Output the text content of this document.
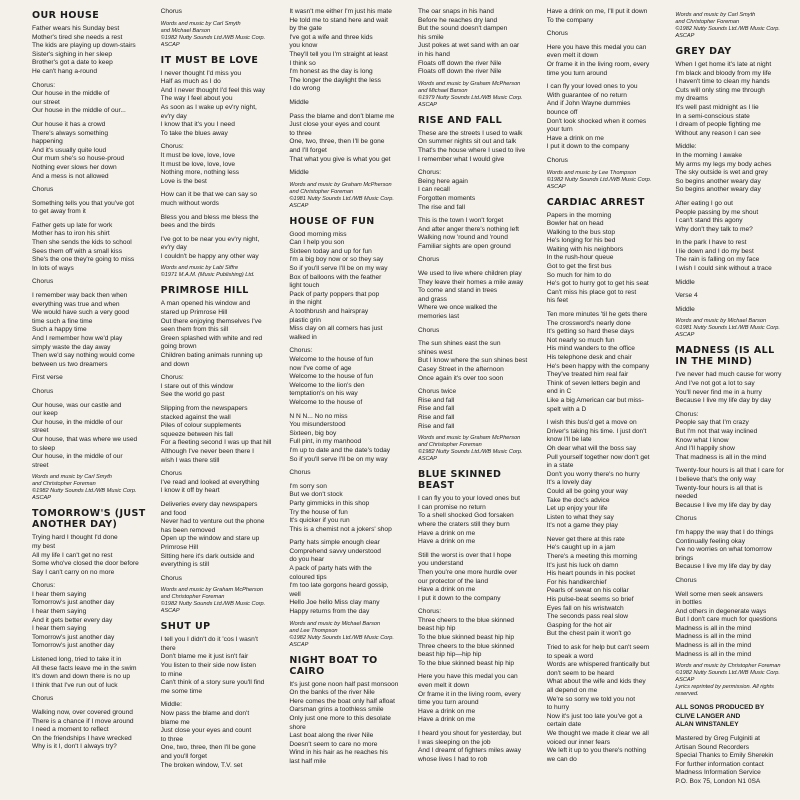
OUR HOUSE
Father wears his Sunday best
Mother's tired she needs a rest
The kids are playing up down-stairs
Sister's sighing in her sleep
Brother's got a date to keep
He can't hang a-round
Chorus:
Our house in the middle of
our street
Our house in the middle of our...
Our house it has a crowd
There's always something
happening
And it's usually quite loud
Our mum she's so house-proud
Nothing ever slows her down
And a mess is not allowed
Chorus
Something tells you that you've got
to get away from it
Father gets up late for work
Mother has to iron his shirt
Then she sends the kids to school
Sees them off with a small kiss
She's the one they're going to miss
In lots of ways
Chorus
I remember way back then when
everything was true and when
We would have such a very good
time such a fine time
Such a happy time
And I remember how we'd play
simply waste the day away
Then we'd say nothing would come
between us two dreamers
First verse
Chorus
Our house, was our castle and
our keep
Our house, in the middle of our
street
Our house, that was where we used
to sleep
Our house, in the middle of our
street
Words and music by Carl Smyth
and Christopher Foreman
©1982 Nutty Sounds Ltd./WB Music Corp.
ASCAP
TOMORROW'S (JUST ANOTHER DAY)
Trying hard I thought I'd done
my best
All my life I can't get no rest
Some who've closed the door before
Say I can't carry on no more
Chorus:
I hear them saying
Tomorrow's just another day
I hear them saying
And it gets better every day
I hear them saying
Tomorrow's just another day
Tomorrow's just another day
Listened long, tried to take it in
All these facts leave me in the swim
It's down and down there is no up
I think that I've run out of luck
Chorus
Walking now, over covered ground
There is a chance if I move around
I need a moment to reflect
On the friendships I have wrecked
Why is it I, don't I always try?
Chorus
Words and music by Carl Smyth
and Michael Barson
©1982 Nutty Sounds Ltd./WB Music Corp.
ASCAP
IT MUST BE LOVE
I never thought I'd miss you
Half as much as I do
And I never thought I'd feel this way
The way I feel about you
As soon as I wake up ev'ry night,
ev'ry day
I know that it's you I need
To take the blues away
Chorus:
It must be love, love, love
It must be love, love, love
Nothing more, nothing less
Love is the best
How can it be that we can say so
much without words
Bless you and bless me bless the
bees and the birds
I've got to be near you ev'ry night,
ev'ry day
I couldn't be happy any other way
Words and music by Labi Siffre
©1971 M.A.M. (Music Publishing) Ltd.
PRIMROSE HILL
A man opened his window and
stared up Primrose Hill
Out there enjoying themselves I've
seen them from this sill
Green splashed with white and red
going brown
Children bating animals running up
and down
Chorus:
I stare out of this window
See the world go past
Slipping from the newspapers
stacked against the wall
Piles of colour supplements
squeeze between his fall
For a fleeting second I was up that hill
Although I've never been there I
wish I was there still
Chorus
I've read and looked at everything
I know it off by heart
Deliveries every day newspapers
and food
Never had to venture out the phone
has been removed
Open up the window and stare up
Primrose Hill
Sitting here it's dark outside and
everything is still
Chorus
Words and music by Graham McPherson
and Christopher Foreman
©1982 Nutty Sounds Ltd./WB Music Corp.
ASCAP
SHUT UP
I tell you I didn't do it 'cos I wasn't
there
Don't blame me it just isn't fair
You listen to their side now listen
to mine
Can't think of a story sure you'll find
me some time
Middle:
Now pass the blame and don't
blame me
Just close your eyes and count
to three
One, two, three, then I'll be gone
and you'll forget
The broken window, T.V. set
It wasn't me either I'm just his mate
He told me to stand here and wait
by the gate
I've got a wife and three kids
you know
They'll tell you I'm straight at least
I think so
I'm honest as the day is long
The longer the daylight the less
I do wrong
Middle
Pass the blame and don't blame me
Just close your eyes and count
to three
One, two, three, then I'll be gone
and I'll forget
That what you give is what you get
Middle
Words and music by Graham McPherson
and Christopher Foreman
©1981 Nutty Sounds Ltd./WB Music Corp.
ASCAP
HOUSE OF FUN
Good morning miss
Can I help you son
Sixteen today and up for fun
I'm a big boy now or so they say
So if you'll serve I'll be on my way
Box of balloons with the feather
light touch
Pack of party poppers that pop
in the night
A toothbrush and hairspray
plastic grin
Miss clay on all corners has just
walked in
Chorus:
Welcome to the house of fun
now I've come of age
Welcome to the house of fun
Welcome to the lion's den
temptation's on his way
Welcome to the house of
N N N... No no miss
You misunderstood
Sixteen, big boy
Full pint, in my manhood
I'm up to date and the date's today
So if you'll serve I'll be on my way
Chorus
I'm sorry son
But we don't stock
Party gimmicks in this shop
Try the house of fun
It's quicker if you run
This is a chemist not a jokers' shop
Party hats simple enough clear
Comprehend savvy understood
do you hear
A pack of party hats with the
coloured tips
I'm too late gorgons heard gossip,
well
Hello Joe hello Miss clay many
Happy returns from the day
Words and music by Michael Barson
and Lee Thompson
©1982 Nutty Sounds Ltd./WB Music Corp.
ASCAP
NIGHT BOAT TO CAIRO
It's just gone noon half past monsoon
On the banks of the river Nile
Here comes the boat only half afloat
Oarsman grins a toothless smile
Only just one more to this desolate
shore
Last boat along the river Nile
Doesn't seem to care no more
Wind in his hair as he reaches his
last half mile
The oar snaps in his hand
Before he reaches dry land
But the sound doesn't dampen
his smile
Just pokes at wet sand with an oar
in his hand
Floats off down the river Nile
Floats off down the river Nile
Words and music by Graham McPherson
and Michael Barson
©1979 Nutty Sounds Ltd./WB Music Corp.
ASCAP
RISE AND FALL
These are the streets I used to walk
On summer nights sit out and talk
That's the house where I used to live
I remember what I would give
Chorus:
Being here again
I can recall
Forgotten moments
The rise and fall
This is the town I won't forget
And after anger there's nothing left
Walking now 'round and 'round
Familiar sights are open ground
Chorus
We used to live where children play
They leave their homes a mile away
To come and stand in trees
and grass
Where we once walked the
memories last
Chorus
The sun shines east the sun
shines west
But I know where the sun shines best
Casey Street in the afternoon
Once again it's over too soon
Chorus twice
Rise and fall
Rise and fall
Rise and fall
Rise and fall
Words and music by Graham McPherson
and Christopher Foreman
©1982 Nutty Sounds Ltd./WB Music Corp.
ASCAP
BLUE SKINNED BEAST
I can fly you to your loved ones but
I can promise no return
To a shell shocked God forsaken
where the craters still they burn
Have a drink on me
Have a drink on me
Still the worst is over that I hope
you understand
Then you're one more hurdle over
our protector of the land
Have a drink on me
I put it down to the company
Chorus:
Three cheers to the blue skinned
beast hip hip
To the blue skinned beast hip hip
Three cheers to the blue skinned
beast hip hip—hip hip
To the blue skinned beast hip hip
Here you have this medal you can
even melt it down
Or frame it in the living room, every
time you turn around
Have a drink on me
Have a drink on me
I heard you shout for yesterday, but
I was sleeping on the job
And I dreamt of fighters miles away
whose lives I had to rob
Have a drink on me, I'll put it down
To the company
Chorus
Here you have this medal you can
even melt it down
Or frame it in the living room, every
time you turn around
I can fly your loved ones to you
With guarantee of no return
And if John Wayne dummies
bounce off
Don't look shocked when it comes
your turn
Have a drink on me
I put it down to the company
Chorus
Words and music by Lee Thompson
©1982 Nutty Sounds Ltd./WB Music Corp.
ASCAP
CARDIAC ARREST
Papers in the morning
Bowler hat on head
Walking to the bus stop
He's longing for his bed
Waiting with his neighbors
In the rush-hour queue
Got to get the first bus
So much for him to do
He's got to hurry got to get his seat
Can't miss his place got to rest
his feet
Ten more minutes 'til he gets there
The crossword's nearly done
It's getting so hard these days
Not nearly so much fun
His mind wanders to the office
His telephone desk and chair
He's been happy with the company
They've treated him real fair
Think of seven letters begin and
end in C
Like a big American car but miss-
spelt with a D
I wish this bus'd get a move on
Driver's taking his time. I just don't
know I'll be late
Oh dear what will the boss say
Pull yourself together now don't get
in a state
Don't you worry there's no hurry
It's a lovely day
Could all be going your way
Take the doc's advice
Let up enjoy your life
Listen to what they say
It's not a game they play
Never get there at this rate
He's caught up in a jam
There's a meeting this morning
It's just his luck oh damn
His heart pounds in his pocket
For his handkerchief
Pearls of sweat on his collar
His pulse-beat seems so brief
Eyes fall on his wristwatch
The seconds pass real slow
Gasping for the hot air
But the chest pain it won't go
Tried to ask for help but can't seem
to speak a word
Words are whispered frantically but
don't seem to be heard
What about the wife and kids they
all depend on me
We're so sorry we told you not
to hurry
Now it's just too late you've got a
certain date
We thought we made it clear we all
voiced our inner fears
We left it up to you there's nothing
we can do
Words and music by Carl Smyth
and Christopher Foreman
©1982 Nutty Sounds Ltd./WB Music Corp.
ASCAP
GREY DAY
When I get home it's late at night
I'm black and bloody from my life
I haven't time to clean my hands
Cuts will only sting me through
my dreams
It's well past midnight as I lie
In a semi-conscious state
I dream of people fighting me
Without any reason I can see
Middle:
In the morning I awake
My arms my legs my body aches
The sky outside is wet and grey
So begins another weary day
So begins another weary day
After eating I go out
People passing by me shout
I can't stand this agony
Why don't they talk to me?
In the park I have to rest
I lie down and I do my best
The rain is falling on my face
I wish I could sink without a trace
Middle
Verse 4
Middle
Words and music by Michael Barson
©1981 Nutty Sounds Ltd./WB Music Corp.
ASCAP
MADNESS (IS ALL IN THE MIND)
I've never had much cause for worry
And I've not got a lot to say
You'll never find me in a hurry
Because I live my life day by day
Chorus:
People say that I'm crazy
But I'm not that way inclined
Know what I know
And I'll happily show
That madness is all in the mind
Twenty-four hours is all that I care for
I believe that's the only way
Twenty-four hours is all that is
needed
Because I live my life day by day
Chorus
I'm happy the way that I do things
Continually feeling okay
I've no worries on what tomorrow
brings
Because I live my life day by day
Chorus
Well some men seek answers
in bottles
And others in degenerate ways
But I don't care much for questions
Madness is all in the mind
Madness is all in the mind
Madness is all in the mind
Madness is all in the mind
Words and music by Christopher Foreman
©1982 Nutty Sounds Ltd./WB Music Corp.
ASCAP
Lyrics reprinted by permission. All rights
reserved.
ALL SONGS PRODUCED BY
CLIVE LANGER AND
ALAN WINSTANLEY
Mastered by Greg Fulginiti at
Artisan Sound Recorders
Special Thanks to Emily Sherekin
For further information contact
Madness Information Service
P.O. Box 75, London N1 0SA
